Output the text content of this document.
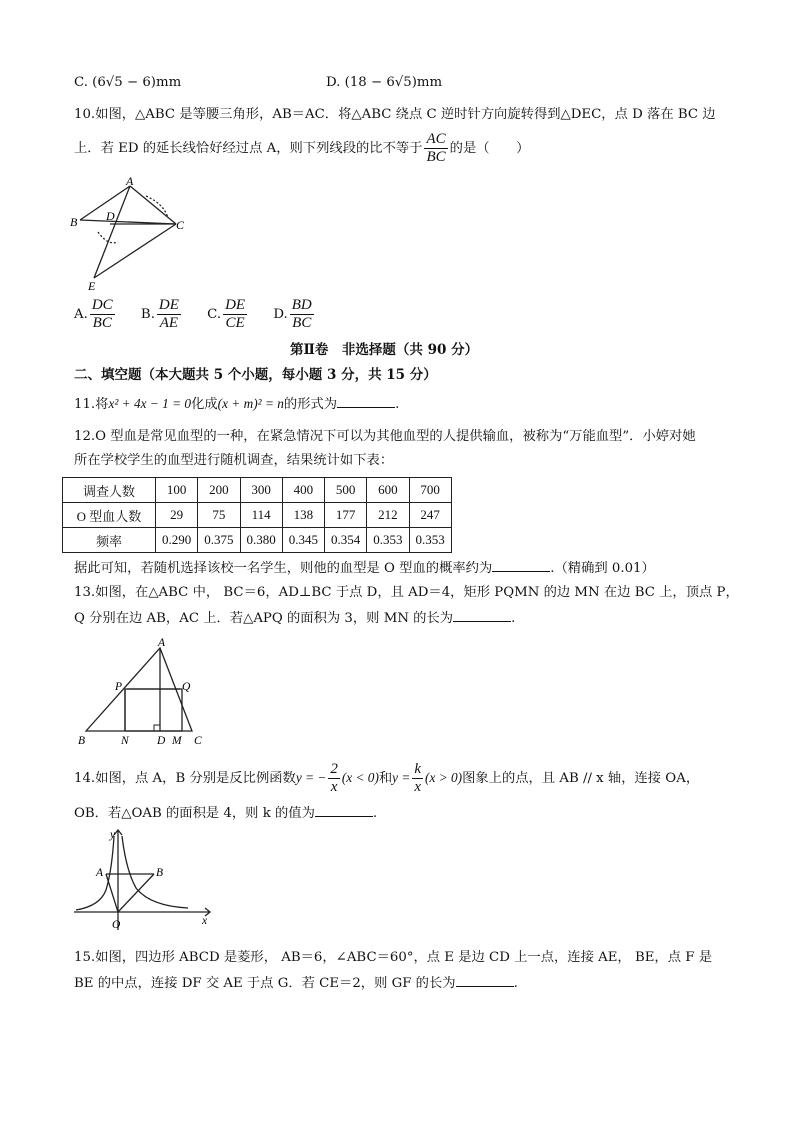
C. (6√5 − 6)mm	D. (18 − 6√5)mm
10.如图，△ABC 是等腰三角形，AB＝AC．将△ABC 绕点 C 逆时针方向旋转得到△DEC，点 D 落在 BC 边
上．若 ED 的延长线恰好经过点 A，则下列线段的比不等于 $\frac{AC}{BC}$ 的是（　　）
A
B D
C
E
A. $\frac{DC}{BC} B$. $\frac{DE}{AE} C$. $\frac{DE}{CE} D$. $\frac{BD}{BC}$
第Ⅱ卷　非选择题（共 90 分）
二、填空题（本大题共 5 个小题，每小题 3 分，共 15 分）
11.将x² + 4x − 1 = 0化成(x + m)² = n的形式为	.
12.O 型血是常见血型的一种，在紧急情况下可以为其他血型的人提供输血，被称为“万能血型”．小婷对她
所在学校学生的血型进行随机调查，结果统计如下表：
调查人数	100	200	300	400	500	600	700
O 型血人数	29	75	114	138	177	212	247
频率	0.290	0.375	0.380	0.345	0.354	0.353	0.353
据此可知，若随机选择该校一名学生，则他的血型是 O 型血的概率约为	.（精确到 0.01）
13.如图，在△ABC 中， BC＝6，AD⊥BC 于点 D，且 AD＝4，矩形 PQMN 的边 MN 在边 BC 上，顶点 P，
Q 分别在边 AB，AC 上．若△APQ 的面积为 3，则 MN 的长为	.
A
P	Q
B	N D M C
14.如图，点 A，B 分别是反比例函数y = − $\frac{2}{x} (x < 0)$和$y = \frac{k}{x} (x > 0)$图象上的点，且 AB // x 轴，连接 OA，
OB．若△OAB 的面积是 4，则 k 的值为	.
y
A	B
O	x
15.如图，四边形 ABCD 是菱形， AB＝6，∠ABC＝60°，点 E 是边 CD 上一点，连接 AE， BE，点 F 是
BE 的中点，连接 DF 交 AE 于点 G．若 CE＝2，则 GF 的长为	.
